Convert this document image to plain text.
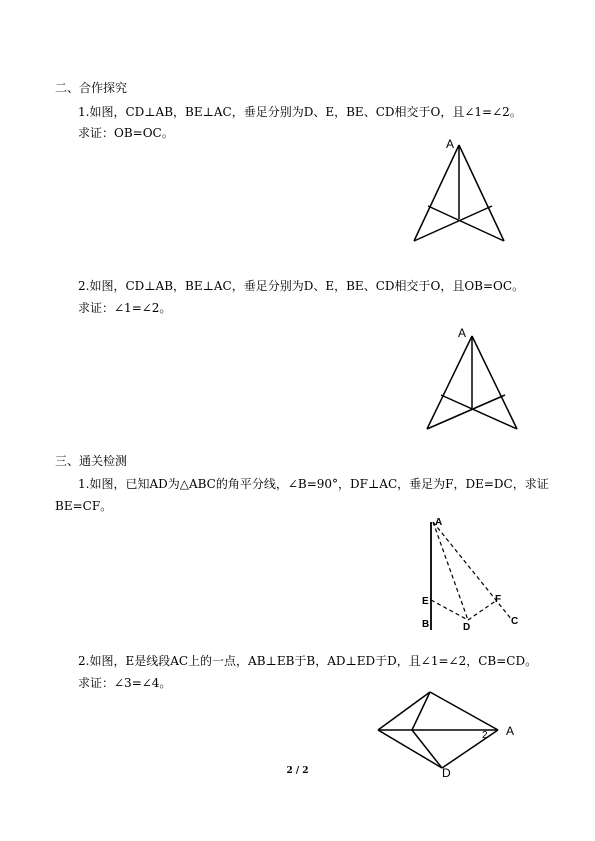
二、合作探究
1.如图，CD⊥AB，BE⊥AC，垂足分别为D、E，BE、CD相交于O，且∠1=∠2。
求证：OB=OC。
A
2.如图，CD⊥AB，BE⊥AC，垂足分别为D、E，BE、CD相交于O，且OB=OC。
求证：∠1=∠2。
A
三、通关检测
1.如图，已知AD为△ABC的角平分线，∠B=90°，DF⊥AC，垂足为F，DE=DC，求证
BE=CF。
A
E
B	D
F
C
2.如图，E是线段AC上的一点，AB⊥EB于B，AD⊥ED于D，且∠1=∠2，CB=CD。
求证：∠3=∠4。
2 A
D
2 / 2
